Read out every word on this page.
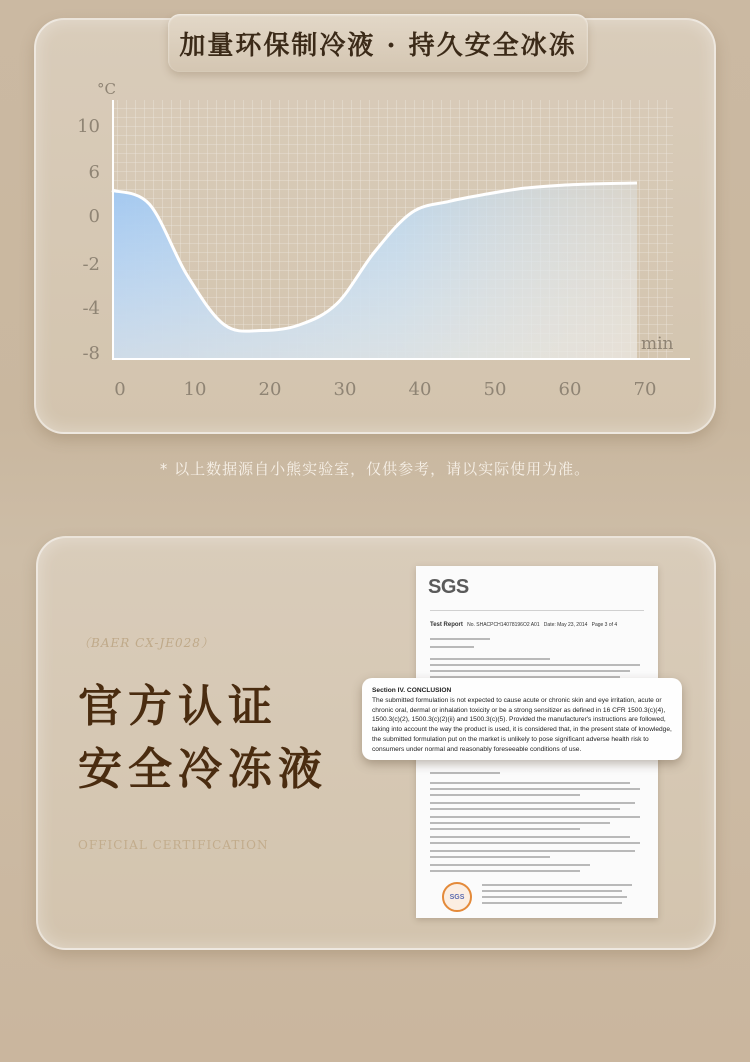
加量环保制冷液 · 持久安全冰冻
°C
min
10
6
0
-2
-4
-8
0	10	20	30	40	50	60	70
* 以上数据源自小熊实验室，仅供参考，请以实际使用为准。
（BAER CX-JE028）
官方认证
安全冷冻液
OFFICIAL CERTIFICATION
SGS
Test Report No. SHACPCH14078196O2 A01 Date: May 23, 2014 Page 3 of 4
SGS
Section IV. CONCLUSION
The submitted formulation is not expected to cause acute or chronic skin and eye irritation, acute or chronic oral, dermal or inhalation toxicity or be a strong sensitizer as defined in 16 CFR 1500.3(c)(4), 1500.3(c)(2), 1500.3(c)(2)(ii) and 1500.3(c)(5). Provided the manufacturer's instructions are followed, taking into account the way the product is used, it is considered that, in the present state of knowledge, the submitted formulation put on the market is unlikely to pose significant adverse health risk to consumers under normal and reasonably foreseeable conditions of use.
